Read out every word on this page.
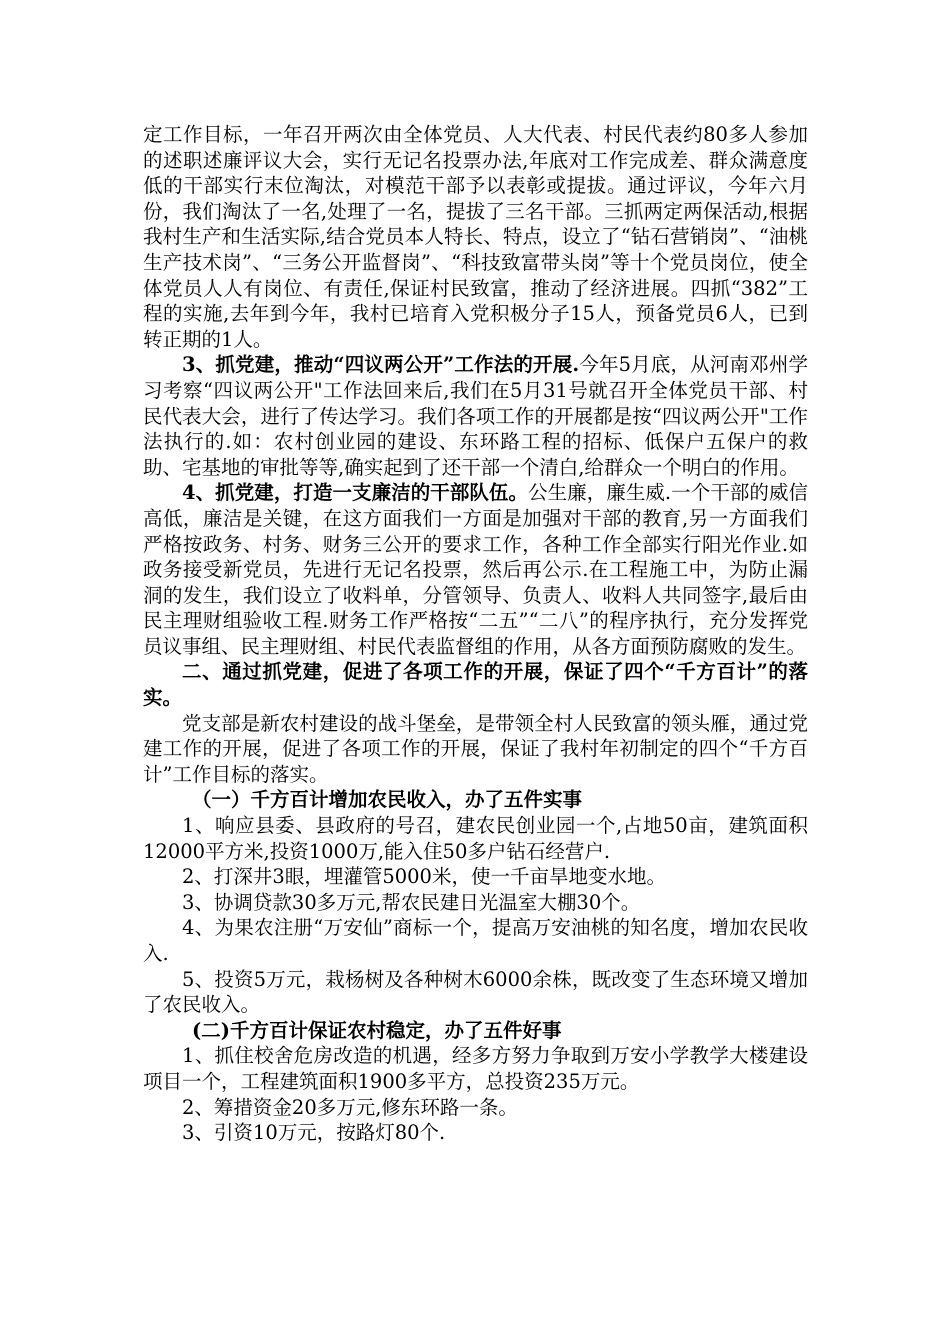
定工作目标，一年召开两次由全体党员、人大代表、村民代表约80多人参加的述职述廉评议大会，实行无记名投票办法,年底对工作完成差、群众满意度低的干部实行末位淘汰，对模范干部予以表彰或提拔。通过评议，今年六月份，我们淘汰了一名,处理了一名，提拔了三名干部。三抓两定两保活动,根据我村生产和生活实际,结合党员本人特长、特点，设立了“钻石营销岗”、“油桃生产技术岗”、“三务公开监督岗”、“科技致富带头岗”等十个党员岗位，使全体党员人人有岗位、有责任,保证村民致富，推动了经济进展。四抓“382”工程的实施,去年到今年，我村已培育入党积极分子15人，预备党员6人，已到转正期的1人。

3、抓党建，推动“四议两公开”工作法的开展.今年5月底，从河南邓州学习考察“四议两公开"工作法回来后,我们在5月31号就召开全体党员干部、村民代表大会，进行了传达学习。我们各项工作的开展都是按“四议两公开"工作法执行的.如：农村创业园的建设、东环路工程的招标、低保户五保户的救助、宅基地的审批等等,确实起到了还干部一个清白,给群众一个明白的作用。

4、抓党建，打造一支廉洁的干部队伍。公生廉，廉生威.一个干部的威信高低，廉洁是关键，在这方面我们一方面是加强对干部的教育,另一方面我们严格按政务、村务、财务三公开的要求工作，各种工作全部实行阳光作业.如政务接受新党员，先进行无记名投票，然后再公示.在工程施工中，为防止漏洞的发生，我们设立了收料单，分管领导、负责人、收料人共同签字,最后由民主理财组验收工程.财务工作严格按“二五”“二八”的程序执行，充分发挥党员议事组、民主理财组、村民代表监督组的作用，从各方面预防腐败的发生。

二、通过抓党建，促进了各项工作的开展，保证了四个“千方百计”的落实。

党支部是新农村建设的战斗堡垒，是带领全村人民致富的领头雁，通过党建工作的开展，促进了各项工作的开展，保证了我村年初制定的四个“千方百计”工作目标的落实。

（一）千方百计增加农民收入，办了五件实事

1、响应县委、县政府的号召，建农民创业园一个,占地50亩，建筑面积12000平方米,投资1000万,能入住50多户钻石经营户.

2、打深井3眼，埋灌管5000米，使一千亩旱地变水地。

3、协调贷款30多万元,帮农民建日光温室大棚30个。

4、为果农注册“万安仙”商标一个，提高万安油桃的知名度，增加农民收入.

5、投资5万元，栽杨树及各种树木6000余株，既改变了生态环境又增加了农民收入。

(二)千方百计保证农村稳定，办了五件好事

1、抓住校舍危房改造的机遇，经多方努力争取到万安小学教学大楼建设项目一个，工程建筑面积1900多平方，总投资235万元。

2、筹措资金20多万元,修东环路一条。

3、引资10万元，按路灯80个.
